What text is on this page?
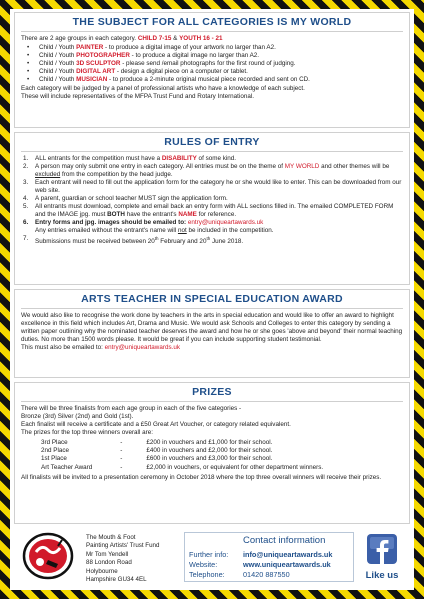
THE SUBJECT FOR ALL CATEGORIES IS MY WORLD
There are 2 age groups in each category. CHILD 7-15 & YOUTH 16 - 21
• Child / Youth PAINTER - to produce a digital image of your artwork no larger than A2.
• Child / Youth PHOTOGRAPHER - to produce a digital image no larger than A2.
• Child / Youth 3D SCULPTOR - please send /email photographs for the first round of judging.
• Child / Youth DIGITAL ART - design a digital piece on a computer or tablet.
• Child / Youth MUSICIAN - to produce a 2-minute original musical piece recorded and sent on CD.
Each category will be judged by a panel of professional artists who have a knowledge of each subject.
These will include representatives of the MFPA Trust Fund and Rotary International.
RULES OF ENTRY
1. ALL entrants for the competition must have a DISABILITY of some kind.
2. A person may only submit one entry in each category. All entries must be on the theme of MY WORLD and other themes will be excluded from the competition by the head judge.
3. Each entrant will need to fill out the application form for the category he or she would like to enter. This can be downloaded from our web site.
4. A parent, guardian or school teacher MUST sign the application form.
5. All entrants must download, complete and email back an entry form with ALL sections filled in. The emailed COMPLETED FORM and the IMAGE jpg. must BOTH have the entrant's NAME for reference.
6. Entry forms and jpg. images should be emailed to: entry@uniqueartawards.uk
Any entries emailed without the entrant's name will not be included in the competition.
7. Submissions must be received between 20th February and 20th June 2018.
ARTS TEACHER IN SPECIAL EDUCATION AWARD
We would also like to recognise the work done by teachers in the arts in special education and would like to offer an award to highlight excellence in this field which includes Art, Drama and Music. We would ask Schools and Colleges to enter this category by sending a written paper outlining why the nominated teacher deserves the award and how he or she goes 'above and beyond' their normal teaching duties. No more than 1500 words please. It would be great if you can include supporting student testimonial.
This must also be emailed to: entry@uniqueartawards.uk
PRIZES
There will be three finalists from each age group in each of the five categories -
Bronze (3rd) Silver (2nd) and Gold (1st).
Each finalist will receive a certificate and a £50 Great Art Voucher, or category related equivalent.
The prizes for the top three winners overall are:
3rd Place	-	£200 in vouchers and £1,000 for their school.
2nd Place	-	£400 in vouchers and £2,000 for their school.
1st Place	-	£600 in vouchers and £3,000 for their school.
Art Teacher Award	-	£2,000 in vouchers, or equivalent for other department winners.
All finalists will be invited to a presentation ceremony in October 2018 where the top three overall winners will receive their prizes.
The Mouth & Foot
Painting Artists' Trust Fund
Mr Tom Yendell
88 London Road
Holybourne
Hampshire GU34 4EL
Contact information
Further info: info@uniqueartawards.uk
Website:	www.uniqueartawards.uk
Telephone:	01420 887550	Like us
